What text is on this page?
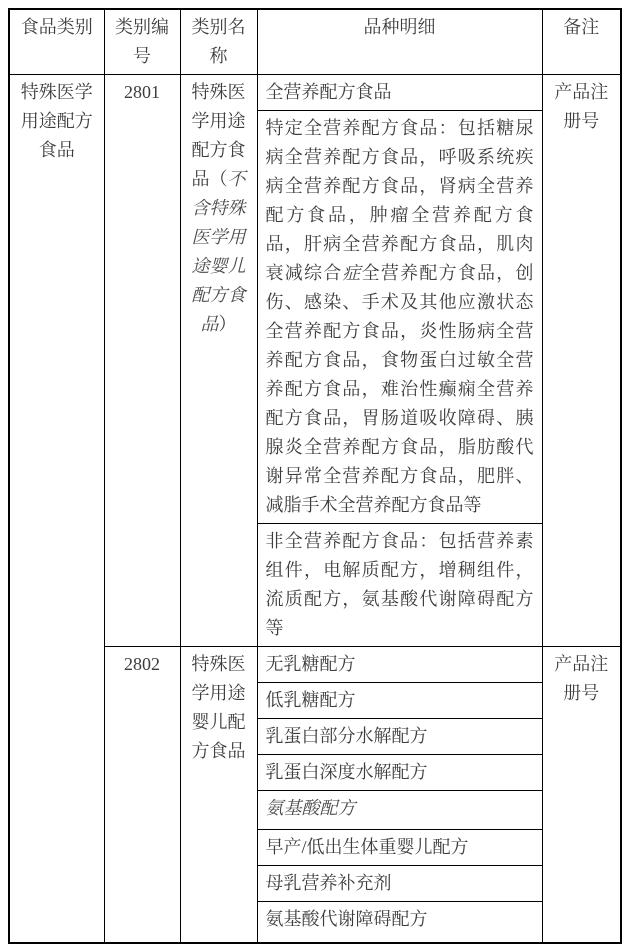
食品类别	类别编号	类别名称	品种明细	备注
特殊医学用途配方食品	2801	特殊医学用途配方食品（不含特殊医学用途婴儿配方食品）	全营养配方食品	产品注册号
			特定全营养配方食品：包括糖尿病全营养配方食品，呼吸系统疾病全营养配方食品，肾病全营养配方食品，肿瘤全营养配方食品，肝病全营养配方食品，肌肉衰减综合症全营养配方食品，创伤、感染、手术及其他应激状态全营养配方食品，炎性肠病全营养配方食品，食物蛋白过敏全营养配方食品，难治性癫痫全营养配方食品，胃肠道吸收障碍、胰腺炎全营养配方食品，脂肪酸代谢异常全营养配方食品，肥胖、减脂手术全营养配方食品等	
			非全营养配方食品：包括营养素组件，电解质配方，增稠组件，流质配方，氨基酸代谢障碍配方等	
	2802	特殊医学用途婴儿配方食品	无乳糖配方	产品注册号
			低乳糖配方	
			乳蛋白部分水解配方	
			乳蛋白深度水解配方	
			氨基酸配方	
			早产/低出生体重婴儿配方	
			母乳营养补充剂	
			氨基酸代谢障碍配方	
